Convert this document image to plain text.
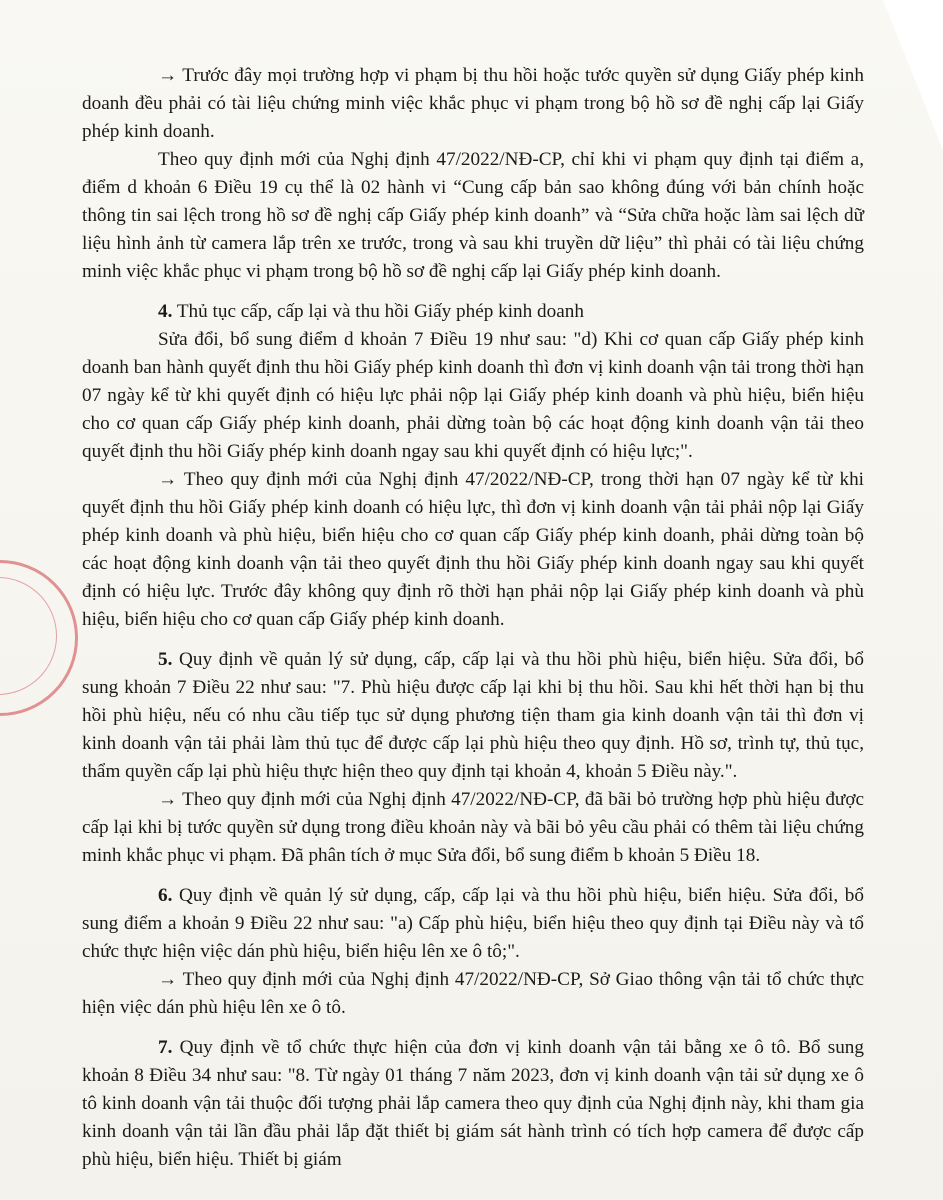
→ Trước đây mọi trường hợp vi phạm bị thu hồi hoặc tước quyền sử dụng Giấy phép kinh doanh đều phải có tài liệu chứng minh việc khắc phục vi phạm trong bộ hồ sơ đề nghị cấp lại Giấy phép kinh doanh.

Theo quy định mới của Nghị định 47/2022/NĐ-CP, chỉ khi vi phạm quy định tại điểm a, điểm d khoản 6 Điều 19 cụ thể là 02 hành vi “Cung cấp bản sao không đúng với bản chính hoặc thông tin sai lệch trong hồ sơ đề nghị cấp Giấy phép kinh doanh” và “Sửa chữa hoặc làm sai lệch dữ liệu hình ảnh từ camera lắp trên xe trước, trong và sau khi truyền dữ liệu” thì phải có tài liệu chứng minh việc khắc phục vi phạm trong bộ hồ sơ đề nghị cấp lại Giấy phép kinh doanh.

4. Thủ tục cấp, cấp lại và thu hồi Giấy phép kinh doanh

Sửa đổi, bổ sung điểm d khoản 7 Điều 19 như sau: "d) Khi cơ quan cấp Giấy phép kinh doanh ban hành quyết định thu hồi Giấy phép kinh doanh thì đơn vị kinh doanh vận tải trong thời hạn 07 ngày kể từ khi quyết định có hiệu lực phải nộp lại Giấy phép kinh doanh và phù hiệu, biển hiệu cho cơ quan cấp Giấy phép kinh doanh, phải dừng toàn bộ các hoạt động kinh doanh vận tải theo quyết định thu hồi Giấy phép kinh doanh ngay sau khi quyết định có hiệu lực;".

→ Theo quy định mới của Nghị định 47/2022/NĐ-CP, trong thời hạn 07 ngày kể từ khi quyết định thu hồi Giấy phép kinh doanh có hiệu lực, thì đơn vị kinh doanh vận tải phải nộp lại Giấy phép kinh doanh và phù hiệu, biển hiệu cho cơ quan cấp Giấy phép kinh doanh, phải dừng toàn bộ các hoạt động kinh doanh vận tải theo quyết định thu hồi Giấy phép kinh doanh ngay sau khi quyết định có hiệu lực. Trước đây không quy định rõ thời hạn phải nộp lại Giấy phép kinh doanh và phù hiệu, biển hiệu cho cơ quan cấp Giấy phép kinh doanh.

5. Quy định về quản lý sử dụng, cấp, cấp lại và thu hồi phù hiệu, biển hiệu. Sửa đổi, bổ sung khoản 7 Điều 22 như sau: "7. Phù hiệu được cấp lại khi bị thu hồi. Sau khi hết thời hạn bị thu hồi phù hiệu, nếu có nhu cầu tiếp tục sử dụng phương tiện tham gia kinh doanh vận tải thì đơn vị kinh doanh vận tải phải làm thủ tục để được cấp lại phù hiệu theo quy định. Hồ sơ, trình tự, thủ tục, thẩm quyền cấp lại phù hiệu thực hiện theo quy định tại khoản 4, khoản 5 Điều này.".

→ Theo quy định mới của Nghị định 47/2022/NĐ-CP, đã bãi bỏ trường hợp phù hiệu được cấp lại khi bị tước quyền sử dụng trong điều khoản này và bãi bỏ yêu cầu phải có thêm tài liệu chứng minh khắc phục vi phạm. Đã phân tích ở mục Sửa đổi, bổ sung điểm b khoản 5 Điều 18.

6. Quy định về quản lý sử dụng, cấp, cấp lại và thu hồi phù hiệu, biển hiệu. Sửa đổi, bổ sung điểm a khoản 9 Điều 22 như sau: "a) Cấp phù hiệu, biển hiệu theo quy định tại Điều này và tổ chức thực hiện việc dán phù hiệu, biển hiệu lên xe ô tô;".

→ Theo quy định mới của Nghị định 47/2022/NĐ-CP, Sở Giao thông vận tải tổ chức thực hiện việc dán phù hiệu lên xe ô tô.

7. Quy định về tổ chức thực hiện của đơn vị kinh doanh vận tải bằng xe ô tô. Bổ sung khoản 8 Điều 34 như sau: "8. Từ ngày 01 tháng 7 năm 2023, đơn vị kinh doanh vận tải sử dụng xe ô tô kinh doanh vận tải thuộc đối tượng phải lắp camera theo quy định của Nghị định này, khi tham gia kinh doanh vận tải lần đầu phải lắp đặt thiết bị giám sát hành trình có tích hợp camera để được cấp phù hiệu, biển hiệu. Thiết bị giám
